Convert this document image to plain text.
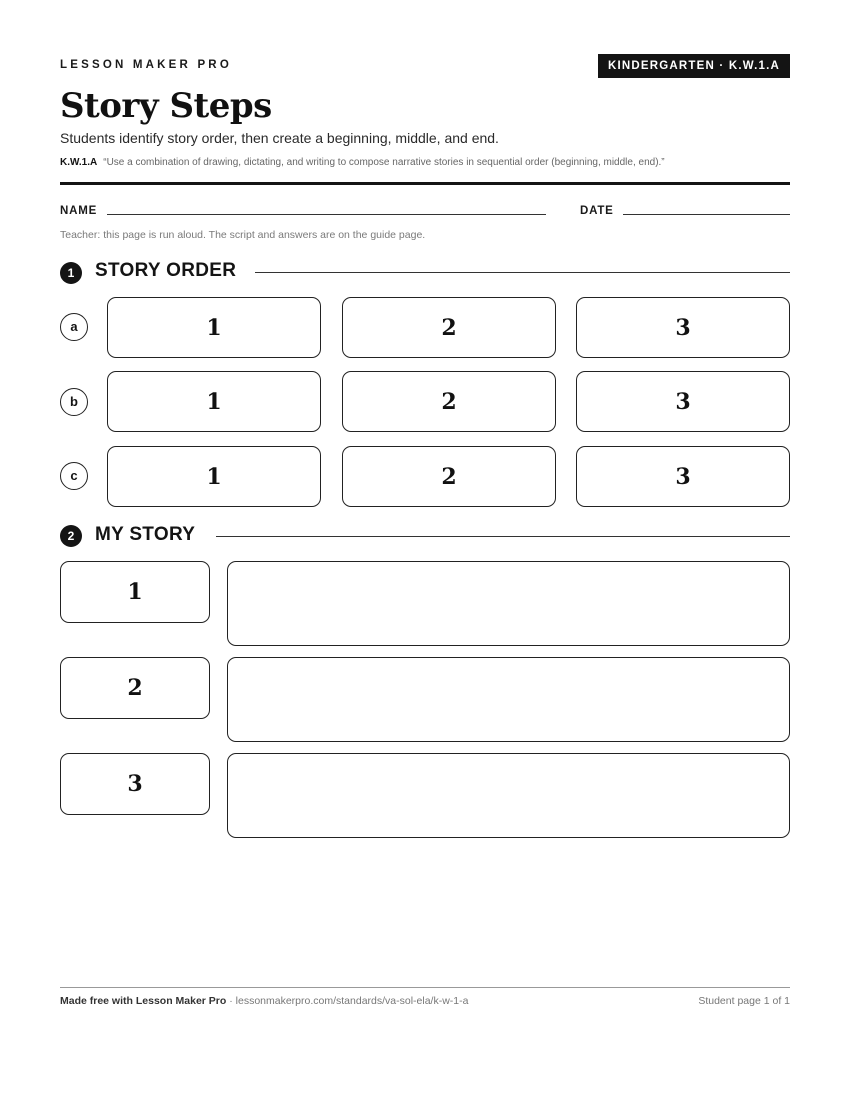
LESSON MAKER PRO	KINDERGARTEN · K.W.1.A
Story Steps
Students identify story order, then create a beginning, middle, and end.
K.W.1.A “Use a combination of drawing, dictating, and writing to compose narrative stories in sequential order (beginning, middle, end).”
NAME	DATE
Teacher: this page is run aloud. The script and answers are on the guide page.
1	STORY ORDER
a	1	2	3
b	1	2	3
c	1	2	3
2	MY STORY
1
2
3
Made free with Lesson Maker Pro · lessonmakerpro.com/standards/va-sol-ela/k-w-1-a	Student page 1 of 1
